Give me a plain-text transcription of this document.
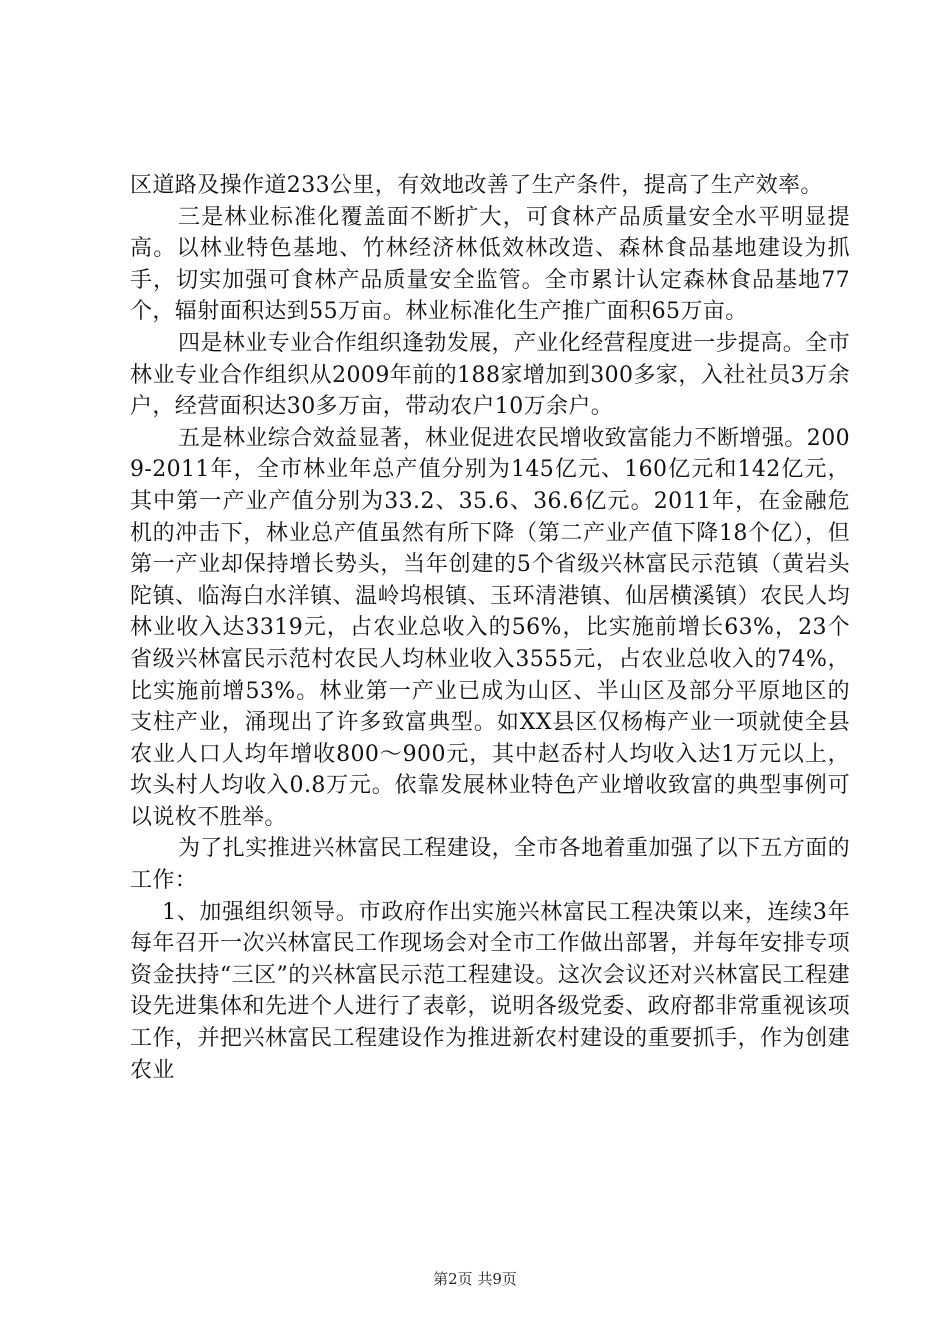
区道路及操作道233公里，有效地改善了生产条件，提高了生产效率。

三是林业标准化覆盖面不断扩大，可食林产品质量安全水平明显提高。以林业特色基地、竹林经济林低效林改造、森林食品基地建设为抓手，切实加强可食林产品质量安全监管。全市累计认定森林食品基地77个，辐射面积达到55万亩。林业标准化生产推广面积65万亩。

四是林业专业合作组织逢勃发展，产业化经营程度进一步提高。全市林业专业合作组织从2009年前的188家增加到300多家，入社社员3万余户，经营面积达30多万亩，带动农户10万余户。

五是林业综合效益显著，林业促进农民增收致富能力不断增强。2009-2011年，全市林业年总产值分别为145亿元、160亿元和142亿元，其中第一产业产值分别为33.2、35.6、36.6亿元。2011年，在金融危机的冲击下，林业总产值虽然有所下降（第二产业产值下降18个亿），但第一产业却保持增长势头，当年创建的5个省级兴林富民示范镇（黄岩头陀镇、临海白水洋镇、温岭坞根镇、玉环清港镇、仙居横溪镇）农民人均林业收入达3319元，占农业总收入的56%，比实施前增长63%，23个省级兴林富民示范村农民人均林业收入3555元，占农业总收入的74%，比实施前增53%。林业第一产业已成为山区、半山区及部分平原地区的支柱产业，涌现出了许多致富典型。如XX县区仅杨梅产业一项就使全县农业人口人均年增收800～900元，其中赵岙村人均收入达1万元以上，坎头村人均收入0.8万元。依靠发展林业特色产业增收致富的典型事例可以说枚不胜举。

为了扎实推进兴林富民工程建设，全市各地着重加强了以下五方面的工作：

1、加强组织领导。市政府作出实施兴林富民工程决策以来，连续3年每年召开一次兴林富民工作现场会对全市工作做出部署，并每年安排专项资金扶持“三区”的兴林富民示范工程建设。这次会议还对兴林富民工程建设先进集体和先进个人进行了表彰，说明各级党委、政府都非常重视该项工作，并把兴林富民工程建设作为推进新农村建设的重要抓手，作为创建农业

第2页 共9页
